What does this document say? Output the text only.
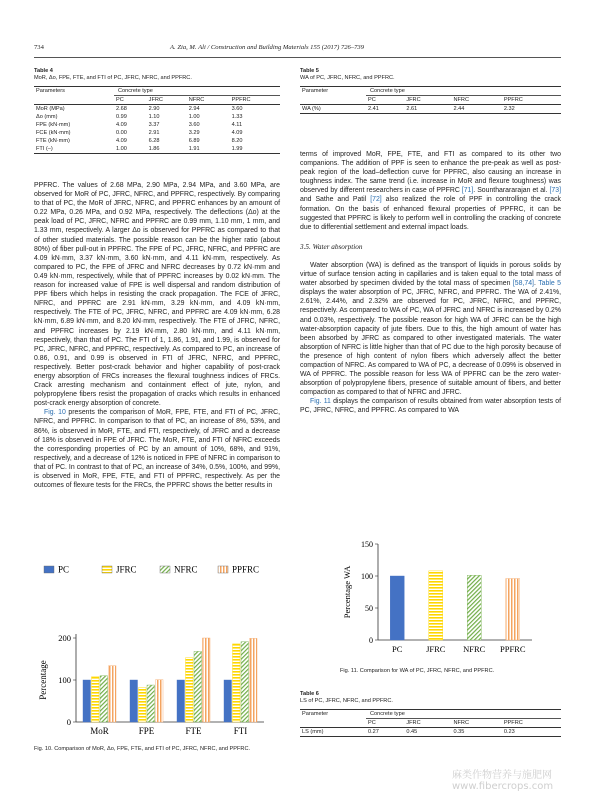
734	A. Zia, M. Ali / Construction and Building Materials 155 (2017) 726–739
Table 4
MoR, Δo, FPE, FTE, and FTI of PC, JFRC, NFRC, and PPFRC.
Parameters	Concrete type			
	PC	JFRC	NFRC	PPFRC
MoR (MPa)	2.68	2.90	2.94	3.60
Δo (mm)	0.99	1.10	1.00	1.33
FPE (kN·mm)	4.09	3.37	3.60	4.11
FCE (kN·mm)	0.00	2.91	3.29	4.09
FTE (kN·mm)	4.09	6.28	6.89	8.20
FTI (–)	1.00	1.86	1.91	1.99
Table 5
WA of PC, JFRC, NFRC, and PPFRC.
Parameter	Concrete type			
	PC	JFRC	NFRC	PPFRC
WA (%)	2.41	2.61	2.44	2.32

PPFRC. The values of 2.68 MPa, 2.90 MPa, 2.94 MPa, and 3.60 MPa, are observed for MoR of PC, JFRC, NFRC, and PPFRC, respectively. By comparing to that of PC, the MoR of JFRC, NFRC, and PPFRC enhances by an amount of 0.22 MPa, 0.26 MPa, and 0.92 MPa, respectively. The deflections (Δo) at the peak load of PC, JFRC, NFRC and PPFRC are 0.99 mm, 1.10 mm, 1 mm, and 1.33 mm, respectively. A larger Δo is observed for PPFRC as compared to that of other studied materials. The possible reason can be the higher ratio (about 80%) of fiber pull-out in PPFRC. The FPE of PC, JFRC, NFRC, and PPFRC are 4.09 kN·mm, 3.37 kN·mm, 3.60 kN·mm, and 4.11 kN·mm, respectively. As compared to PC, the FPE of JFRC and NFRC decreases by 0.72 kN·mm and 0.49 kN·mm, respectively, while that of PPFRC increases by 0.02 kN·mm. The reason for increased value of FPE is well dispersal and random distribution of PPF fibers which helps in resisting the crack propagation. The FCE of JFRC, NFRC, and PPFRC are 2.91 kN·mm, 3.29 kN·mm, and 4.09 kN·mm, respectively. The FTE of PC, JFRC, NFRC, and PPFRC are 4.09 kN·mm, 6.28 kN·mm, 6.89 kN·mm, and 8.20 kN·mm, respectively. The FTE of JFRC, NFRC, and PPFRC increases by 2.19 kN·mm, 2.80 kN·mm, and 4.11 kN·mm, respectively, than that of PC. The FTI of 1, 1.86, 1.91, and 1.99, is observed for PC, JFRC, NFRC, and PPFRC, respectively. As compared to PC, an increase of 0.86, 0.91, and 0.99 is observed in FTI of JFRC, NFRC, and PPFRC, respectively. Better post-crack behavior and higher capability of post-crack energy absorption of FRCs increases the flexural toughness indices of FRCs. Crack arresting mechanism and containment effect of jute, nylon, and polypropylene fibers resist the propagation of cracks which results in enhanced post-crack energy absorption of concrete.

Fig. 10 presents the comparison of MoR, FPE, FTE, and FTI of PC, JFRC, NFRC, and PPFRC. In comparison to that of PC, an increase of 8%, 53%, and 86%, is observed in MoR, FTE, and FTI, respectively, of JFRC and a decrease of 18% is observed in FPE of JFRC. The MoR, FTE, and FTI of NFRC exceeds the corresponding properties of PC by an amount of 10%, 68%, and 91%, respectively, and a decrease of 12% is noticed in FPE of NFRC in comparison to that of PC. In contrast to that of PC, an increase of 34%, 0.5%, 100%, and 99%, is observed in MoR, FPE, FTE, and FTI of PPFRC, respectively. As per the outcomes of flexure tests for the FRCs, the PPFRC shows the better results in

terms of improved MoR, FPE, FTE, and FTI as compared to its other two companions. The addition of PPF is seen to enhance the pre-peak as well as post-peak region of the load–deflection curve for PPFRC, also causing an increase in toughness index. The same trend (i.e. increase in MoR and flexure toughness) was observed by different researchers in case of PPFRC [71]. Sountharararajan et al. [73] and Sathe and Patil [72] also realized the role of PPF in controlling the crack formation. On the basis of enhanced flexural properties of PPFRC, it can be suggested that PPFRC is likely to perform well in controlling the cracking of concrete due to differential settlement and external impact loads.

3.5. Water absorption

Water absorption (WA) is defined as the transport of liquids in porous solids by virtue of surface tension acting in capillaries and is taken equal to the total mass of water absorbed by specimen divided by the total mass of specimen [58,74]. Table 5 displays the water absorption of PC, JFRC, NFRC, and PPFRC. The WA of 2.41%, 2.61%, 2.44%, and 2.32% are observed for PC, JFRC, NFRC, and PPFRC, respectively. As compared to WA of PC, WA of JFRC and NFRC is increased by 0.2% and 0.03%, respectively. The possible reason for high WA of JFRC can be the high water-absorption capacity of jute fibers. Due to this, the high amount of water has been absorbed by JFRC as compared to other investigated materials. The water absorption of NFRC is little higher than that of PC due to the high porosity because of the presence of high content of nylon fibers which adversely affect the better compaction of NFRC. As compared to WA of PC, a decrease of 0.09% is observed in WA of PPFRC. The possible reason for less WA of PPFRC can be the zero water-absorption of polypropylene fibers, presence of suitable amount of fibers, and better compaction as compared to that of NFRC and JFRC.

Fig. 11 displays the comparison of results obtained from water absorption tests of PC, JFRC, NFRC, and PPFRC. As compared to WA

PC	JFRC	NFRC	PPFRC
0
100
200
Percentage
MoR	FPE	FTE	FTI
Fig. 10. Comparison of MoR, Δo, FPE, FTE, and FTI of PC, JFRC, NFRC, and PPFRC.
0
50
100
150
Percentage WA
PC	JFRC NFRC PPFRC
Fig. 11. Comparison for WA of PC, JFRC, NFRC, and PPFRC.
Table 6
LS of PC, JFRC, NFRC, and PPFRC.
Parameter	Concrete type			
	PC	JFRC	NFRC	PPFRC
LS (mm)	0.27	0.45	0.35	0.23
麻类作物营养与施肥网 www.fibercrops.com
